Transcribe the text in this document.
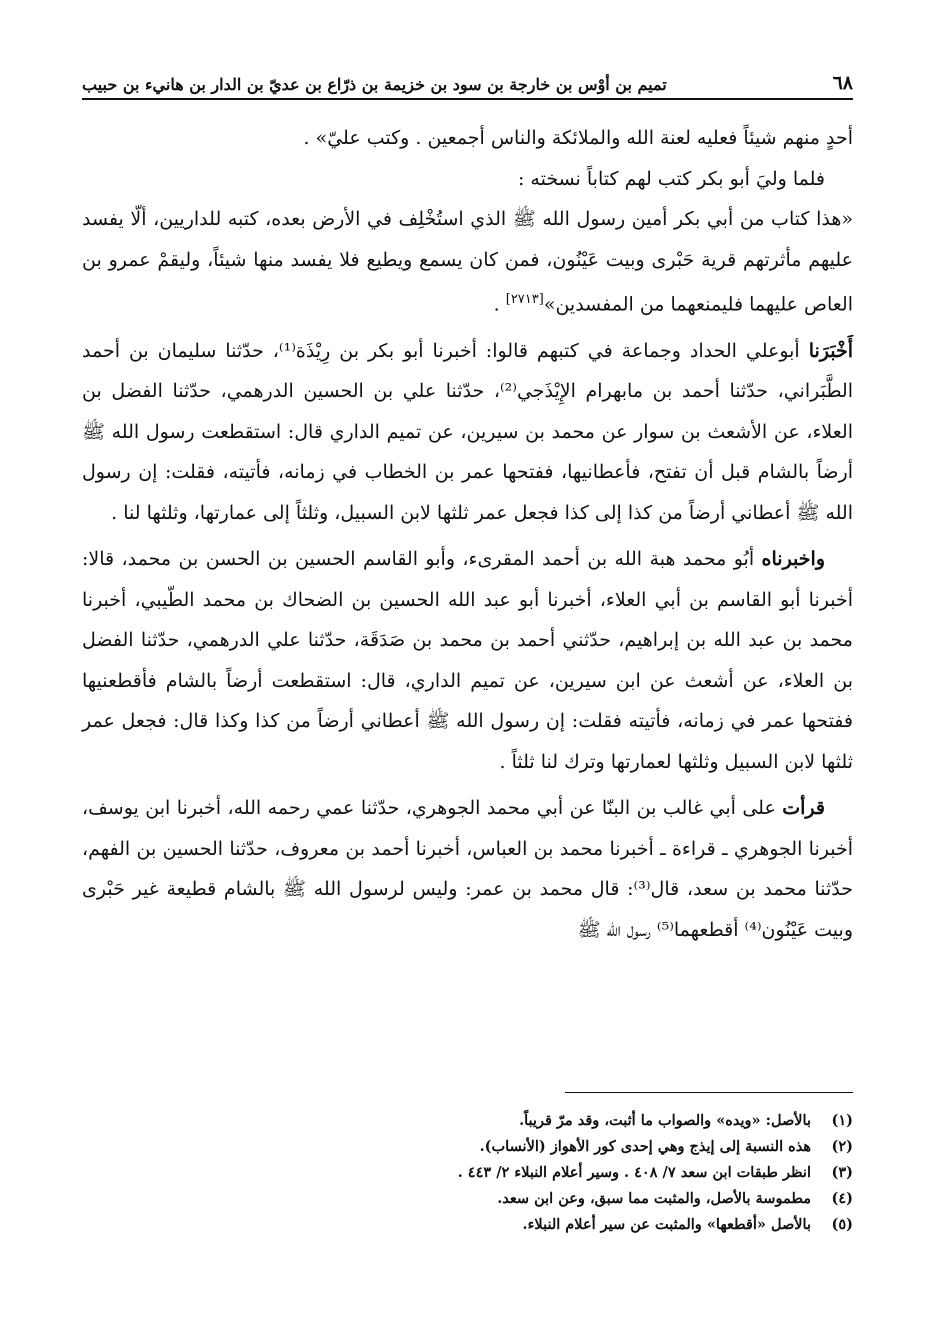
٦٨
تميم بن أوْس بن خارجة بن سود بن خزيمة بن ذرّاع بن عديّ بن الدار بن هانيء بن حبيب

أحدٍ منهم شيئاً فعليه لعنة الله والملائكة والناس أجمعين . وكتب عليّ» .

فلما وليَ أبو بكر كتب لهم كتاباً نسخته :

«هذا كتاب من أبي بكر أمين رسول الله ﷺ الذي استُخْلِف في الأرض بعده، كتبه للداريين، ألّا يفسد عليهم مأثرتهم قرية حَبْرى وبيت عَيْنُون، فمن كان يسمع ويطيع فلا يفسد منها شيئاً، وليقمْ عمرو بن العاص عليهما فليمنعهما من المفسدين»[٢٧١٣] .

أَخْبَرَنا أبوعلي الحداد وجماعة في كتبهم قالوا: أخبرنا أبو بكر بن رِيْذَة⁽¹⁾، حدّثنا سليمان بن أحمد الطَّبَراني، حدّثنا أحمد بن مابهرام الإِيْذَجي⁽²⁾، حدّثنا علي بن الحسين الدرهمي، حدّثنا الفضل بن العلاء، عن الأشعث بن سوار عن محمد بن سيرين، عن تميم الداري قال: استقطعت رسول الله ﷺ أرضاً بالشام قبل أن تفتح، فأعطانيها، ففتحها عمر بن الخطاب في زمانه، فأتيته، فقلت: إن رسول الله ﷺ أعطاني أرضاً من كذا إلى كذا فجعل عمر ثلثها لابن السبيل، وثلثاً إلى عمارتها، وثلثها لنا .

واخبرناه أبُو محمد هبة الله بن أحمد المقرىء، وأبو القاسم الحسين بن الحسن بن محمد، قالا: أخبرنا أبو القاسم بن أبي العلاء، أخبرنا أبو عبد الله الحسين بن الضحاك بن محمد الطّيبي، أخبرنا محمد بن عبد الله بن إبراهيم، حدّثني أحمد بن محمد بن صَدَقَة، حدّثنا علي الدرهمي، حدّثنا الفضل بن العلاء، عن أشعث عن ابن سيرين، عن تميم الداري، قال: استقطعت أرضاً بالشام فأقطعنيها ففتحها عمر في زمانه، فأتيته فقلت: إن رسول الله ﷺ أعطاني أرضاً من كذا وكذا قال: فجعل عمر ثلثها لابن السبيل وثلثها لعمارتها وترك لنا ثلثاً .

قرأت على أبي غالب بن البنّا عن أبي محمد الجوهري، حدّثنا عمي رحمه الله، أخبرنا ابن يوسف، أخبرنا الجوهري ـ قراءة ـ أخبرنا محمد بن العباس، أخبرنا أحمد بن معروف، حدّثنا الحسين بن الفهم، حدّثنا محمد بن سعد، قال⁽³⁾: قال محمد بن عمر: وليس لرسول الله ﷺ بالشام قطيعة غير حَبْرى وبيت عَيْنُون⁽⁴⁾ أقطعهما⁽⁵⁾ رسول الله ﷺ

(١)
بالأصل: «ويده» والصواب ما أثبت، وقد مرّ قريباً.
(٢)
هذه النسبة إلى إيذج وهي إحدى كور الأهواز (الأنساب).
(٣)
انظر طبقات ابن سعد ٧/ ٤٠٨ . وسير أعلام النبلاء ٢/ ٤٤٣ .
(٤)
مطموسة بالأصل، والمثبت مما سبق، وعن ابن سعد.
(٥)
بالأصل «أقطعها» والمثبت عن سير أعلام النبلاء.
